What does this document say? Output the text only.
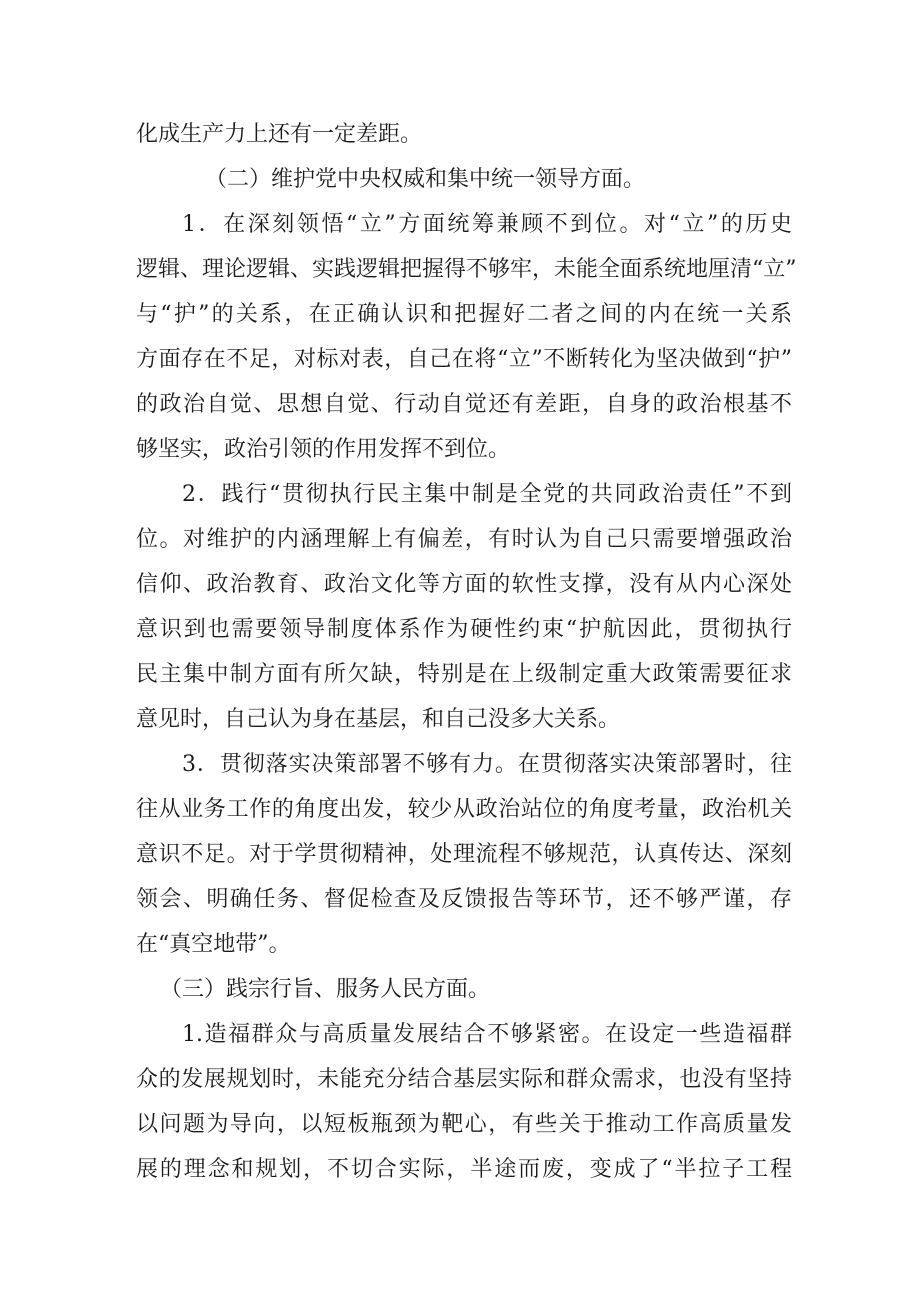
化成生产力上还有一定差距。
（二）维护党中央权威和集中统一领导方面。
1．在深刻领悟“立”方面统筹兼顾不到位。对“立”的历史
逻辑、理论逻辑、实践逻辑把握得不够牢，未能全面系统地厘清“立”
与“护”的关系，在正确认识和把握好二者之间的内在统一关系
方面存在不足，对标对表，自己在将“立”不断转化为坚决做到“护”
的政治自觉、思想自觉、行动自觉还有差距，自身的政治根基不
够坚实，政治引领的作用发挥不到位。
2．践行“贯彻执行民主集中制是全党的共同政治责任”不到
位。对维护的内涵理解上有偏差，有时认为自己只需要增强政治
信仰、政治教育、政治文化等方面的软性支撑，没有从内心深处
意识到也需要领导制度体系作为硬性约束“护航因此，贯彻执行
民主集中制方面有所欠缺，特别是在上级制定重大政策需要征求
意见时，自己认为身在基层，和自己没多大关系。
3．贯彻落实决策部署不够有力。在贯彻落实决策部署时，往
往从业务工作的角度出发，较少从政治站位的角度考量，政治机关
意识不足。对于学贯彻精神，处理流程不够规范，认真传达、深刻
领会、明确任务、督促检查及反馈报告等环节，还不够严谨，存
在“真空地带”。
（三）践宗行旨、服务人民方面。
1.造福群众与高质量发展结合不够紧密。在设定一些造福群
众的发展规划时，未能充分结合基层实际和群众需求，也没有坚持
以问题为导向，以短板瓶颈为靶心，有些关于推动工作高质量发
展的理念和规划，不切合实际，半途而废，变成了“半拉子工程
